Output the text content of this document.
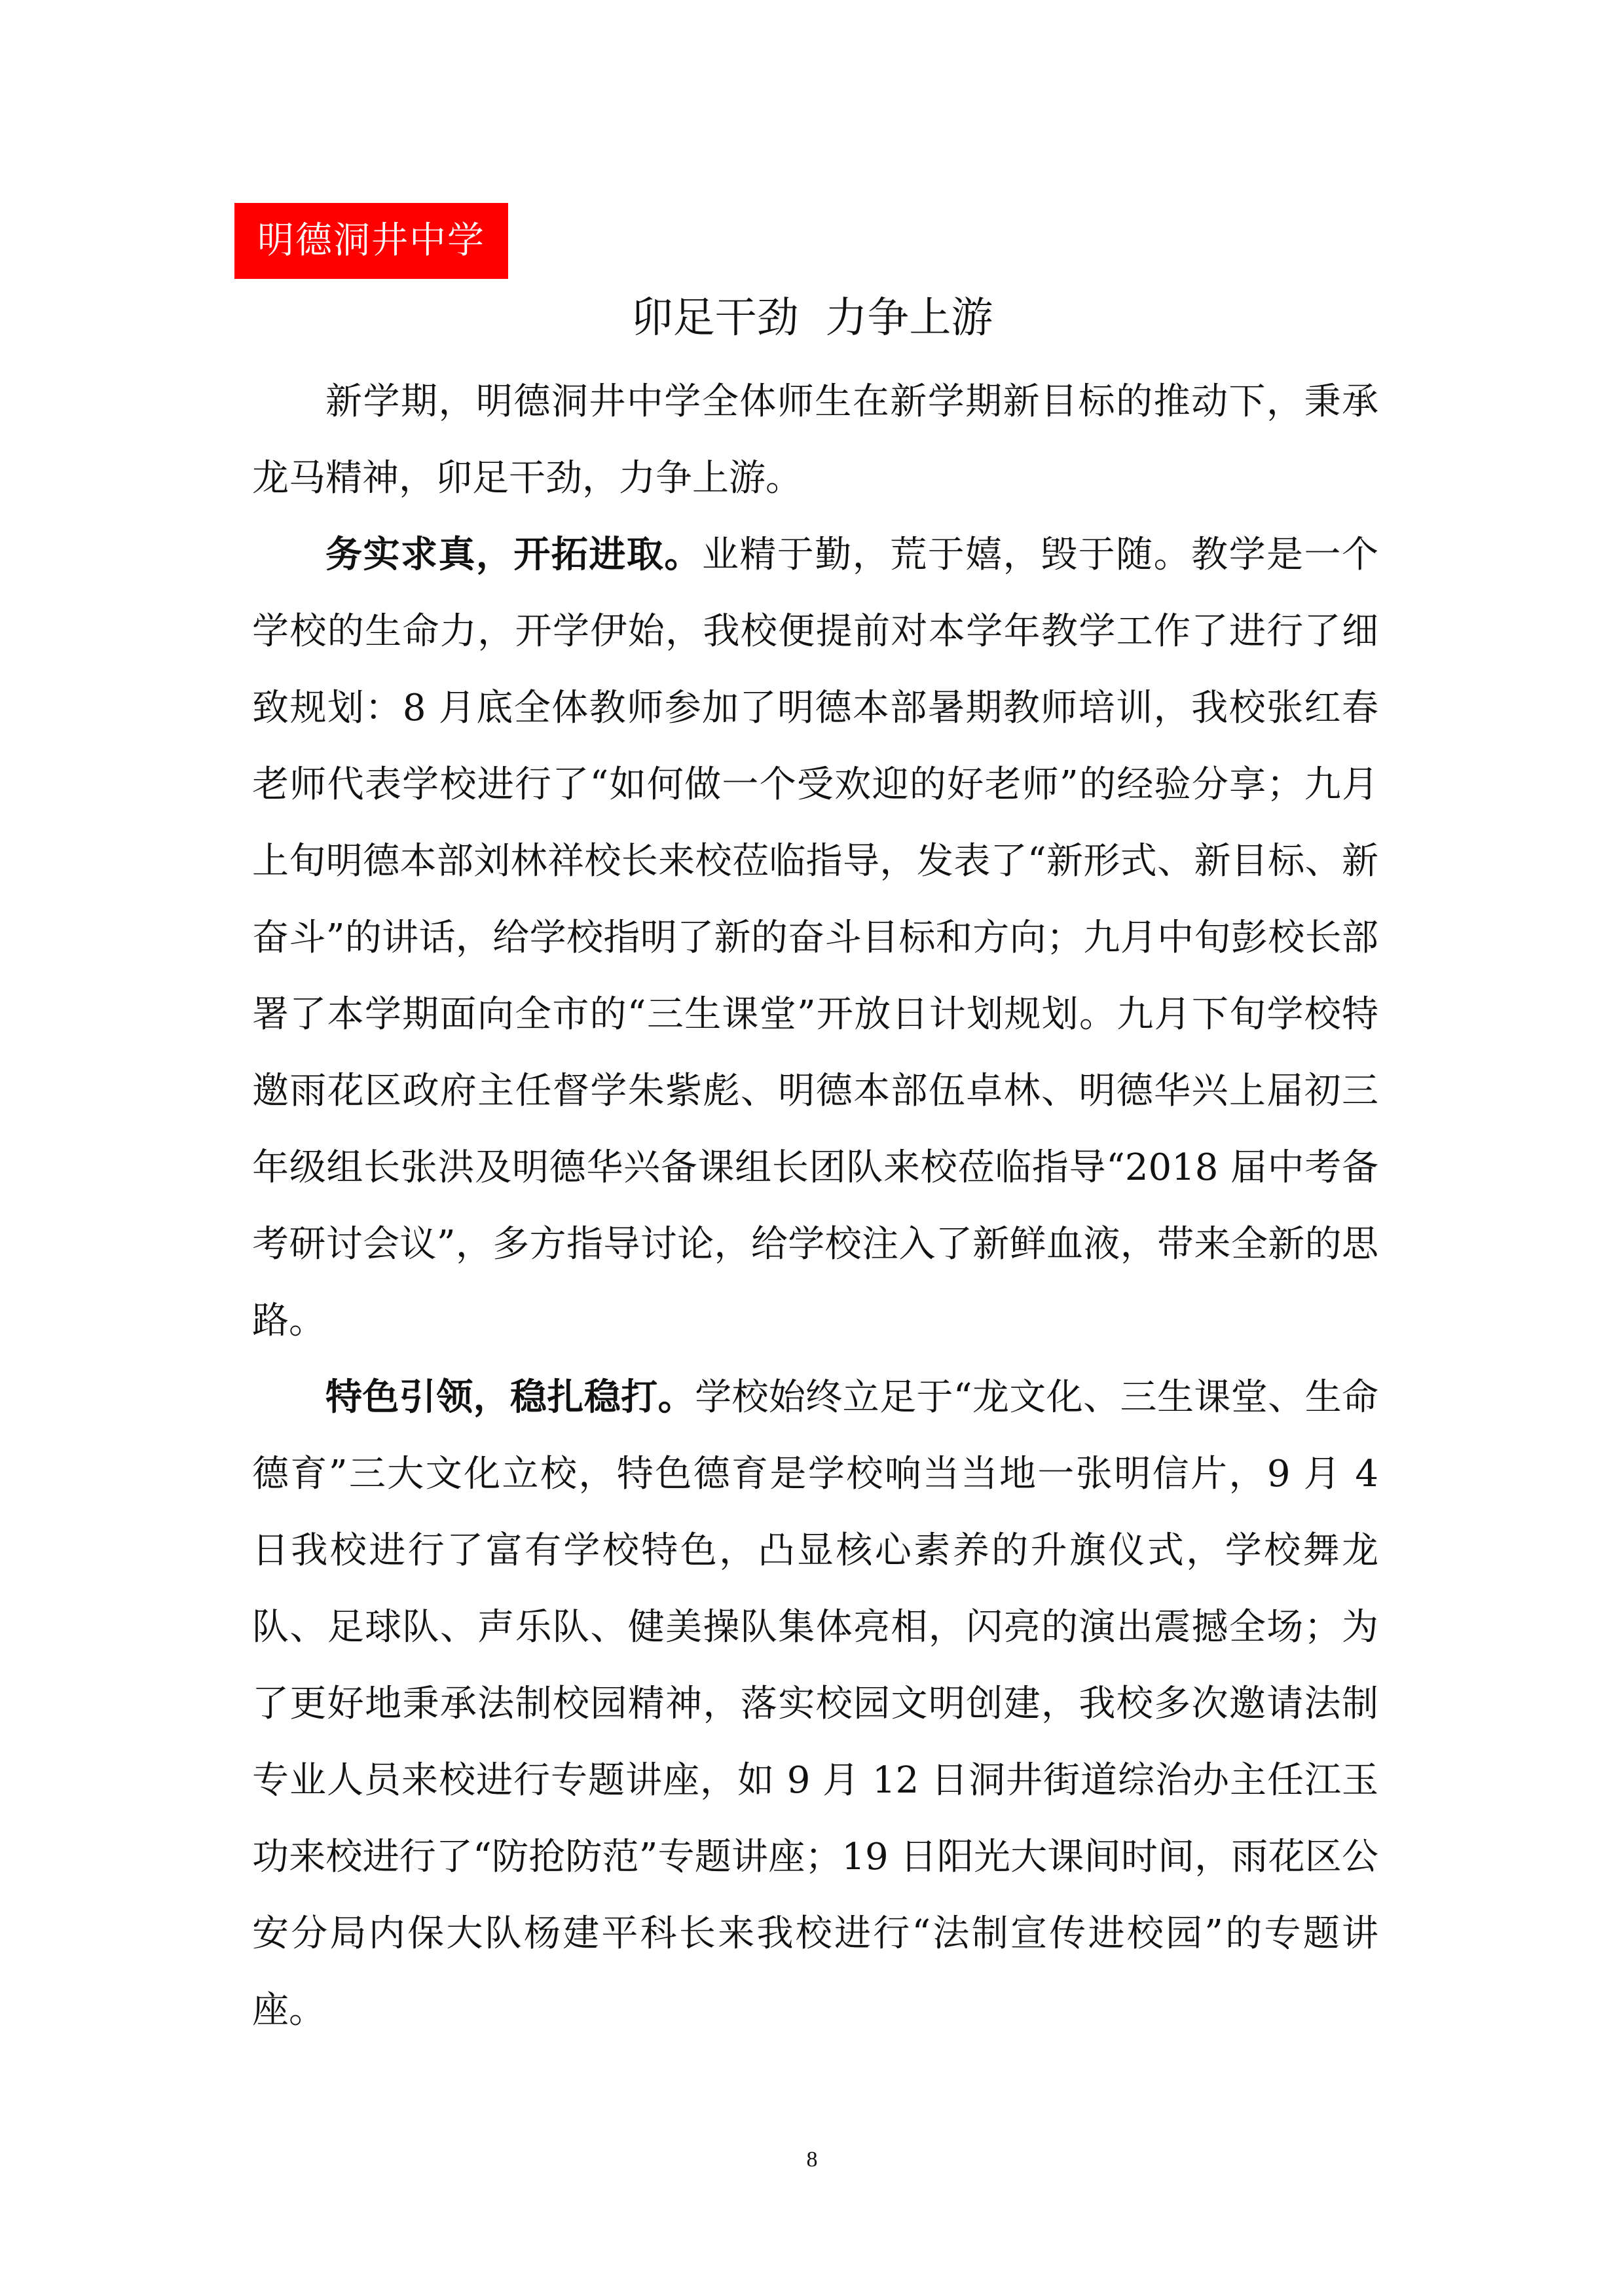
明德洞井中学
卯足干劲  力争上游

新学期，明德洞井中学全体师生在新学期新目标的推动下，秉承龙马精神，卯足干劲，力争上游。

务实求真，开拓进取。业精于勤，荒于嬉，毁于随。教学是一个学校的生命力，开学伊始，我校便提前对本学年教学工作了进行了细致规划：8 月底全体教师参加了明德本部暑期教师培训，我校张红春老师代表学校进行了“如何做一个受欢迎的好老师”的经验分享；九月上旬明德本部刘林祥校长来校莅临指导，发表了“新形式、新目标、新奋斗”的讲话，给学校指明了新的奋斗目标和方向；九月中旬彭校长部署了本学期面向全市的“三生课堂”开放日计划规划。九月下旬学校特邀雨花区政府主任督学朱紫彪、明德本部伍卓林、明德华兴上届初三年级组长张洪及明德华兴备课组长团队来校莅临指导“2018 届中考备考研讨会议”，多方指导讨论，给学校注入了新鲜血液，带来全新的思路。

特色引领，稳扎稳打。学校始终立足于“龙文化、三生课堂、生命德育”三大文化立校，特色德育是学校响当当地一张明信片，9 月 4 日我校进行了富有学校特色，凸显核心素养的升旗仪式，学校舞龙队、足球队、声乐队、健美操队集体亮相，闪亮的演出震撼全场；为了更好地秉承法制校园精神，落实校园文明创建，我校多次邀请法制专业人员来校进行专题讲座，如 9 月 12 日洞井街道综治办主任江玉功来校进行了“防抢防范”专题讲座；19 日阳光大课间时间，雨花区公安分局内保大队杨建平科长来我校进行“法制宣传进校园”的专题讲座。

8
